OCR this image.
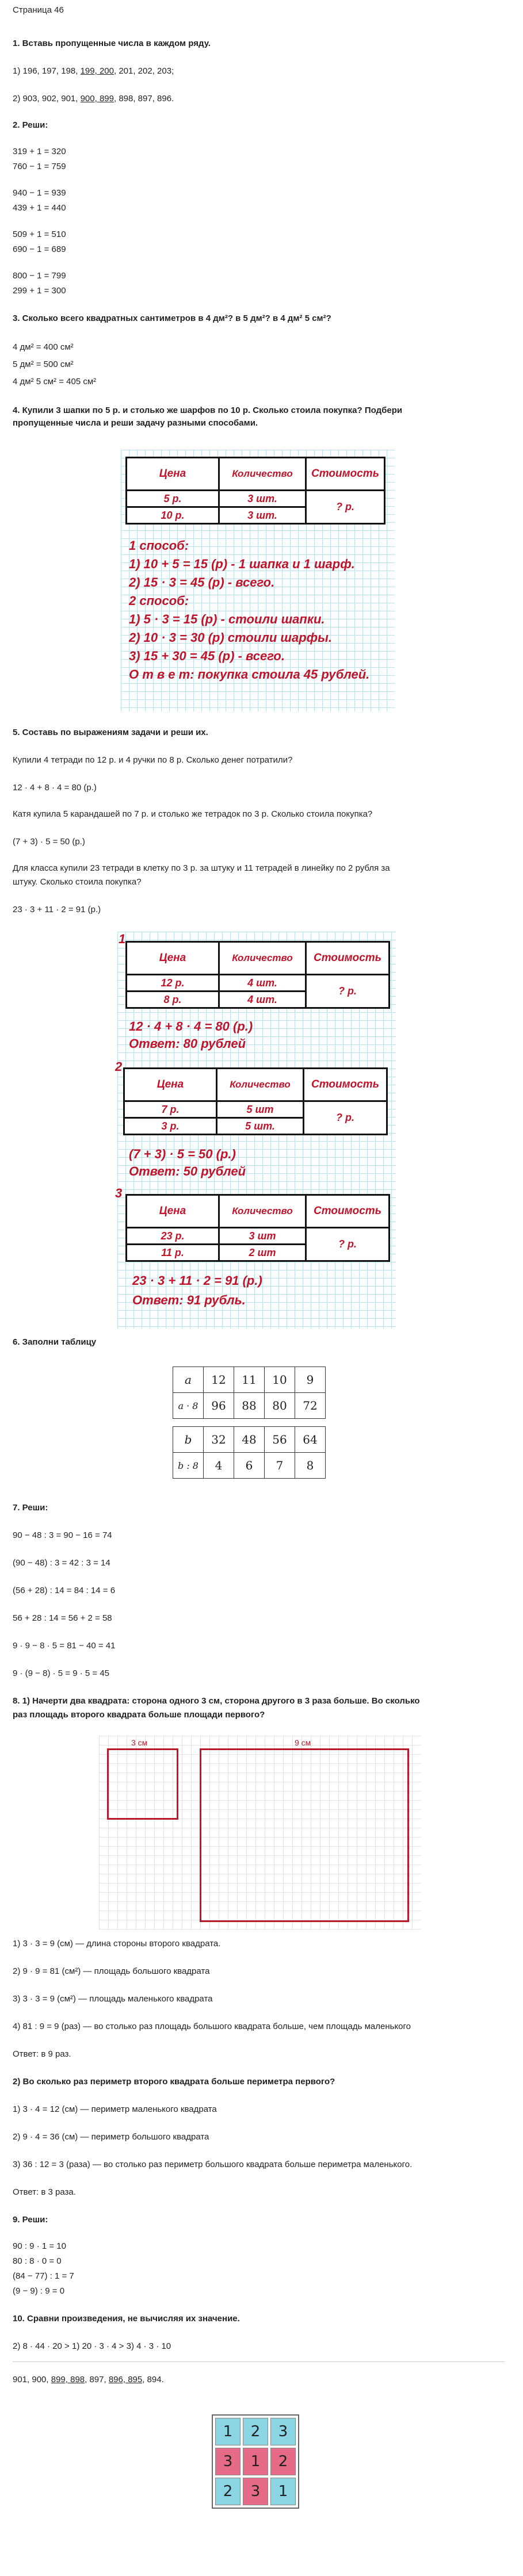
Страница 46

1. Вставь пропущенные числа в каждом ряду.

1) 196, 197, 198, 199, 200, 201, 202, 203;

2) 903, 902, 901, 900, 899, 898, 897, 896.

2. Реши:

319 + 1 = 320

760 − 1 = 759

940 − 1 = 939

439 + 1 = 440

509 + 1 = 510

690 − 1 = 689

800 − 1 = 799

299 + 1 = 300

3. Сколько всего квадратных сантиметров в 4 дм²? в 5 дм²? в 4 дм² 5 см²?

4 дм² = 400 см²

5 дм² = 500 см²

4 дм² 5 см² = 405 см²

4. Купили 3 шапки по 5 р. и столько же шарфов по 10 р. Сколько стоила покупка? Подбери

пропущенные числа и реши задачу разными способами.

Цена	Количество	Стоимость
5 р.	3 шт.	? р.
10 р.	3 шт.	
1 способ:
1) 10 + 5 = 15 (р) - 1 шапка и 1 шарф.
2) 15 · 3 = 45 (р) - всего.
2 способ:
1) 5 · 3 = 15 (р) - стоили шапки.
2) 10 · 3 = 30 (р) стоили шарфы.
3) 15 + 30 = 45 (р) - всего.
О т в е т: покупка стоила 45 рублей.

5. Составь по выражениям задачи и реши их.

Купили 4 тетради по 12 р. и 4 ручки по 8 р. Сколько денег потратили?

12 · 4 + 8 · 4 = 80 (р.)

Катя купила 5 карандашей по 7 р. и столько же тетрадок по 3 р. Сколько стоила покупка?

(7 + 3) · 5 = 50 (р.)

Для класса купили 23 тетради в клетку по 3 р. за штуку и 11 тетрадей в линейку по 2 рубля за

штуку. Сколько стоила покупка?

23 · 3 + 11 · 2 = 91 (р.)

1
Цена	Количество	Стоимость
12 р.	4 шт.	? р.
8 р.	4 шт.	
12 · 4 + 8 · 4 = 80 (р.)
Ответ: 80 рублей
2
Цена	Количество	Стоимость
7 р.	5 шт	? р.
3 р.	5 шт.	
(7 + 3) · 5 = 50 (р.)
Ответ: 50 рублей
3
Цена	Количество	Стоимость
23 р.	3 шт	? р.
11 р.	2 шт	
23 · 3 + 11 · 2 = 91 (р.)
Ответ: 91 рубль.

6. Заполни таблицу

a	12	11	10	9
a · 8	96	88	80	72
b	32	48	56	64
b : 8	4	6	7	8

7. Реши:

90 − 48 : 3 = 90 − 16 = 74

(90 − 48) : 3 = 42 : 3 = 14

(56 + 28) : 14 = 84 : 14 = 6

56 + 28 : 14 = 56 + 2 = 58

9 · 9 − 8 · 5 = 81 − 40 = 41

9 · (9 − 8) · 5 = 9 · 5 = 45

8. 1) Начерти два квадрата: сторона одного 3 см, сторона другого в 3 раза больше. Во сколько

раз площадь второго квадрата больше площади первого?

3 см	9 см

1) 3 · 3 = 9 (см) — длина стороны второго квадрата.

2) 9 · 9 = 81 (см²) — площадь большого квадрата

3) 3 · 3 = 9 (см²) — площадь маленького квадрата

4) 81 : 9 = 9 (раз) — во столько раз площадь большого квадрата больше, чем площадь маленького

Ответ: в 9 раз.

2) Во сколько раз периметр второго квадрата больше периметра первого?

1) 3 · 4 = 12 (см) — периметр маленького квадрата

2) 9 · 4 = 36 (см) — периметр большого квадрата

3) 36 : 12 = 3 (раза) — во столько раз периметр большого квадрата больше периметра маленького.

Ответ: в 3 раза.

9. Реши:

90 : 9 · 1 = 10

80 : 8 · 0 = 0

(84 − 77) : 1 = 7

(9 − 9) : 9 = 0

10. Сравни произведения, не вычисляя их значение.

2) 8 · 44 · 20 > 1) 20 · 3 · 4 > 3) 4 · 3 · 10

901, 900, 899, 898, 897, 896, 895, 894.

1	2	3
3	1	2
2	3	1
